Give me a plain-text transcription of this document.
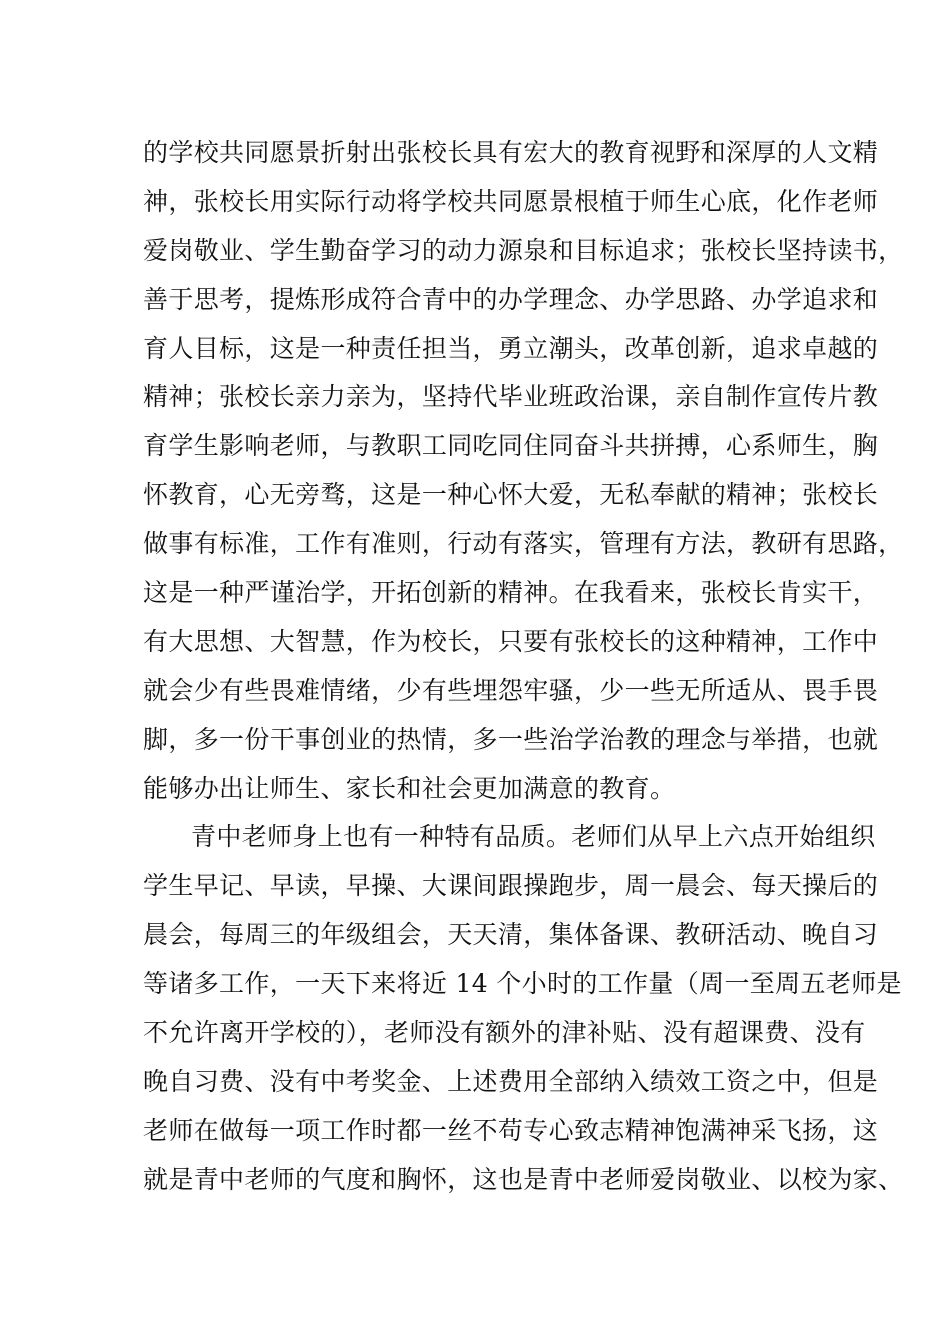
的学校共同愿景折射出张校长具有宏大的教育视野和深厚的人文精
神，张校长用实际行动将学校共同愿景根植于师生心底，化作老师
爱岗敬业、学生勤奋学习的动力源泉和目标追求；张校长坚持读书，
善于思考，提炼形成符合青中的办学理念、办学思路、办学追求和
育人目标，这是一种责任担当，勇立潮头，改革创新，追求卓越的
精神；张校长亲力亲为，坚持代毕业班政治课，亲自制作宣传片教
育学生影响老师，与教职工同吃同住同奋斗共拼搏，心系师生，胸
怀教育，心无旁骛，这是一种心怀大爱，无私奉献的精神；张校长
做事有标准，工作有准则，行动有落实，管理有方法，教研有思路，
这是一种严谨治学，开拓创新的精神。在我看来，张校长肯实干，
有大思想、大智慧，作为校长，只要有张校长的这种精神，工作中
就会少有些畏难情绪，少有些埋怨牢骚，少一些无所适从、畏手畏
脚，多一份干事创业的热情，多一些治学治教的理念与举措，也就
能够办出让师生、家长和社会更加满意的教育。
青中老师身上也有一种特有品质。老师们从早上六点开始组织
学生早记、早读，早操、大课间跟操跑步，周一晨会、每天操后的
晨会，每周三的年级组会，天天清，集体备课、教研活动、晚自习
等诸多工作，一天下来将近 14 个小时的工作量（周一至周五老师是
不允许离开学校的），老师没有额外的津补贴、没有超课费、没有
晚自习费、没有中考奖金、上述费用全部纳入绩效工资之中，但是
老师在做每一项工作时都一丝不苟专心致志精神饱满神采飞扬，这
就是青中老师的气度和胸怀，这也是青中老师爱岗敬业、以校为家、
